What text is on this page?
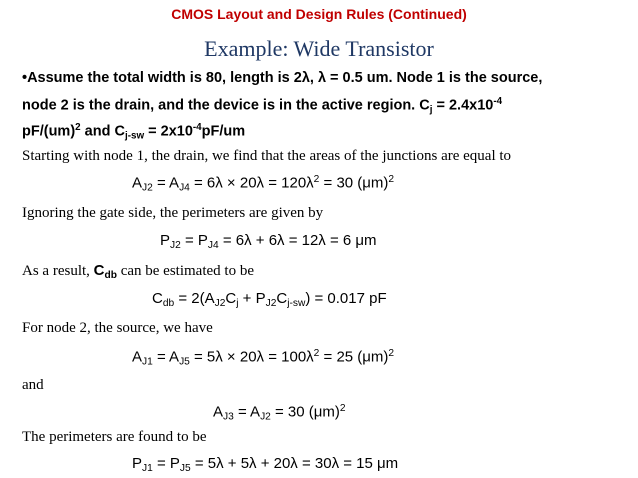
CMOS Layout and Design Rules (Continued)
Example: Wide Transistor
•Assume the total width is 80, length is 2λ, λ = 0.5 um. Node 1 is the source,
node 2 is the drain, and the device is in the active region. $C_j = 2.4x10^{-4}$
pF/(um)$^2$ and $C_{j-sw} = 2x10^{-4}pF/um$
Starting with node 1, the drain, we find that the areas of the junctions are equal to
$A_{J2} = A_{J4} = 6\lambda \times 20\lambda = 120\lambda^2 = 30$ $(\mu m)^2$
Ignoring the gate side, the perimeters are given by
$P_{J2} = P_{J4} = 6\lambda + 6\lambda = 12\lambda = 6$ μm
As a result, $C_{db}$ can be estimated to be
$C_{db} = 2(A_{J2}C_j + P_{J2}C_{j-sw}) = 0.017$ pF
For node 2, the source, we have
$A_{J1} = A_{J5} = 5\lambda \times 20\lambda = 100\lambda^2 = 25$ $(\mu m)^2$
and
$A_{J3} = A_{J2} = 30$ $(\mu m)^2$
The perimeters are found to be
$P_{J1} = P_{J5} = 5\lambda + 5\lambda + 20\lambda = 30\lambda = 15$ μm
